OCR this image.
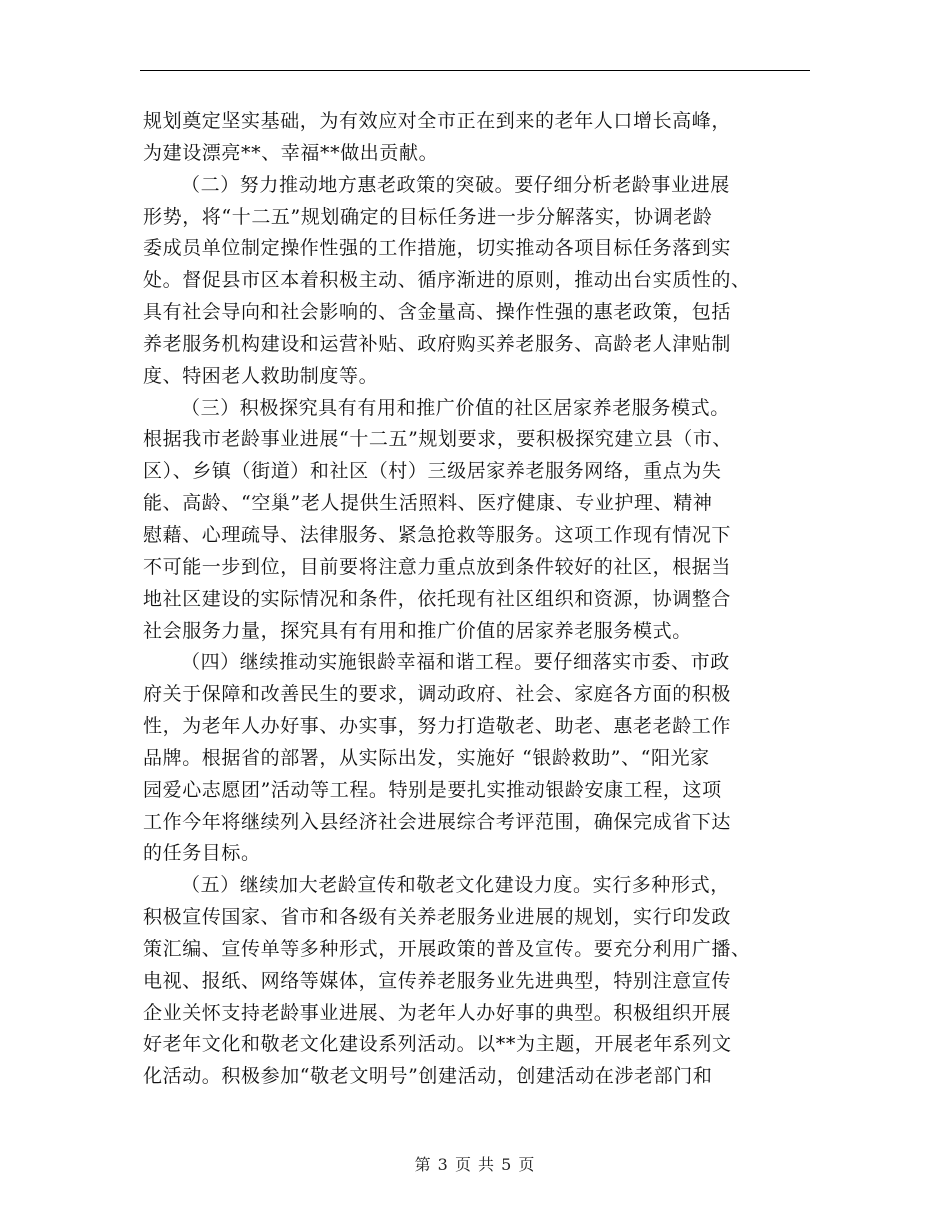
规划奠定坚实基础，为有效应对全市正在到来的老年人口增长高峰，
为建设漂亮**、幸福**做出贡献。
（二）努力推动地方惠老政策的突破。要仔细分析老龄事业进展
形势，将“十二五”规划确定的目标任务进一步分解落实，协调老龄
委成员单位制定操作性强的工作措施，切实推动各项目标任务落到实
处。督促县市区本着积极主动、循序渐进的原则，推动出台实质性的、
具有社会导向和社会影响的、含金量高、操作性强的惠老政策，包括
养老服务机构建设和运营补贴、政府购买养老服务、高龄老人津贴制
度、特困老人救助制度等。
（三）积极探究具有有用和推广价值的社区居家养老服务模式。
根据我市老龄事业进展“十二五”规划要求，要积极探究建立县（市、
区）、乡镇（街道）和社区（村）三级居家养老服务网络，重点为失
能、高龄、“空巢”老人提供生活照料、医疗健康、专业护理、精神
慰藉、心理疏导、法律服务、紧急抢救等服务。这项工作现有情况下
不可能一步到位，目前要将注意力重点放到条件较好的社区，根据当
地社区建设的实际情况和条件，依托现有社区组织和资源，协调整合
社会服务力量，探究具有有用和推广价值的居家养老服务模式。
（四）继续推动实施银龄幸福和谐工程。要仔细落实市委、市政
府关于保障和改善民生的要求，调动政府、社会、家庭各方面的积极
性，为老年人办好事、办实事，努力打造敬老、助老、惠老老龄工作
品牌。根据省的部署，从实际出发，实施好 “银龄救助”、“阳光家
园爱心志愿团”活动等工程。特别是要扎实推动银龄安康工程，这项
工作今年将继续列入县经济社会进展综合考评范围，确保完成省下达
的任务目标。
（五）继续加大老龄宣传和敬老文化建设力度。实行多种形式，
积极宣传国家、省市和各级有关养老服务业进展的规划，实行印发政
策汇编、宣传单等多种形式，开展政策的普及宣传。要充分利用广播、
电视、报纸、网络等媒体，宣传养老服务业先进典型，特别注意宣传
企业关怀支持老龄事业进展、为老年人办好事的典型。积极组织开展
好老年文化和敬老文化建设系列活动。以**为主题，开展老年系列文
化活动。积极参加“敬老文明号”创建活动，创建活动在涉老部门和
第 3 页 共 5 页
